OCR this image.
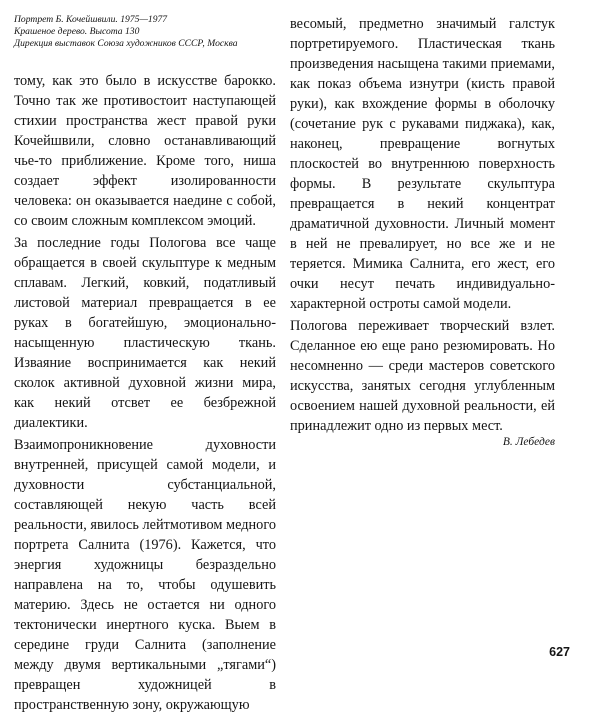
Портрет Б. Кочейшвили. 1975—1977
Крашеное дерево. Высота 130
Дирекция выставок Союза художников СССР, Москва

тому, как это было в искусстве барокко. Точно так же противостоит наступающей стихии пространства жест правой руки Кочейшвили, словно останавливающий чье-то приближение. Кроме того, ниша создает эффект изолированности человека: он оказывается наедине с собой, со своим сложным комплексом эмоций.

За последние годы Пологова все чаще обращается в своей скульптуре к медным сплавам. Легкий, ковкий, податливый листовой материал превращается в ее руках в богатейшую, эмоционально-насыщенную пластическую ткань. Изваяние воспринимается как некий сколок активной духовной жизни мира, как некий отсвет ее безбрежной диалектики.

Взаимопроникновение духовности внутренней, присущей самой модели, и духовности субстанциальной, составляющей некую часть всей реальности, явилось лейтмотивом медного портрета Салнита (1976). Кажется, что энергия художницы безраздельно направлена на то, чтобы одушевить материю. Здесь не остается ни одного тектонически инертного куска. Выем в середине груди Салнита (заполнение между двумя вертикальными „тягами“) превращен художницей в пространственную зону, окружающую

весомый, предметно значимый галстук портретируемого. Пластическая ткань произведения насыщена такими приемами, как показ объема изнутри (кисть правой руки), как вхождение формы в оболочку (сочетание рук с рукавами пиджака), как, наконец, превращение вогнутых плоскостей во внутреннюю поверхность формы. В результате скульптура превращается в некий концентрат драматичной духовности. Личный момент в ней не превалирует, но все же и не теряется. Мимика Салнита, его жест, его очки несут печать индивидуально-характерной остроты самой модели.

Пологова переживает творческий взлет. Сделанное ею еще рано резюмировать. Но несомненно — среди мастеров советского искусства, занятых сегодня углубленным освоением нашей духовной реальности, ей принадлежит одно из первых мест.

В. Лебедев
627
